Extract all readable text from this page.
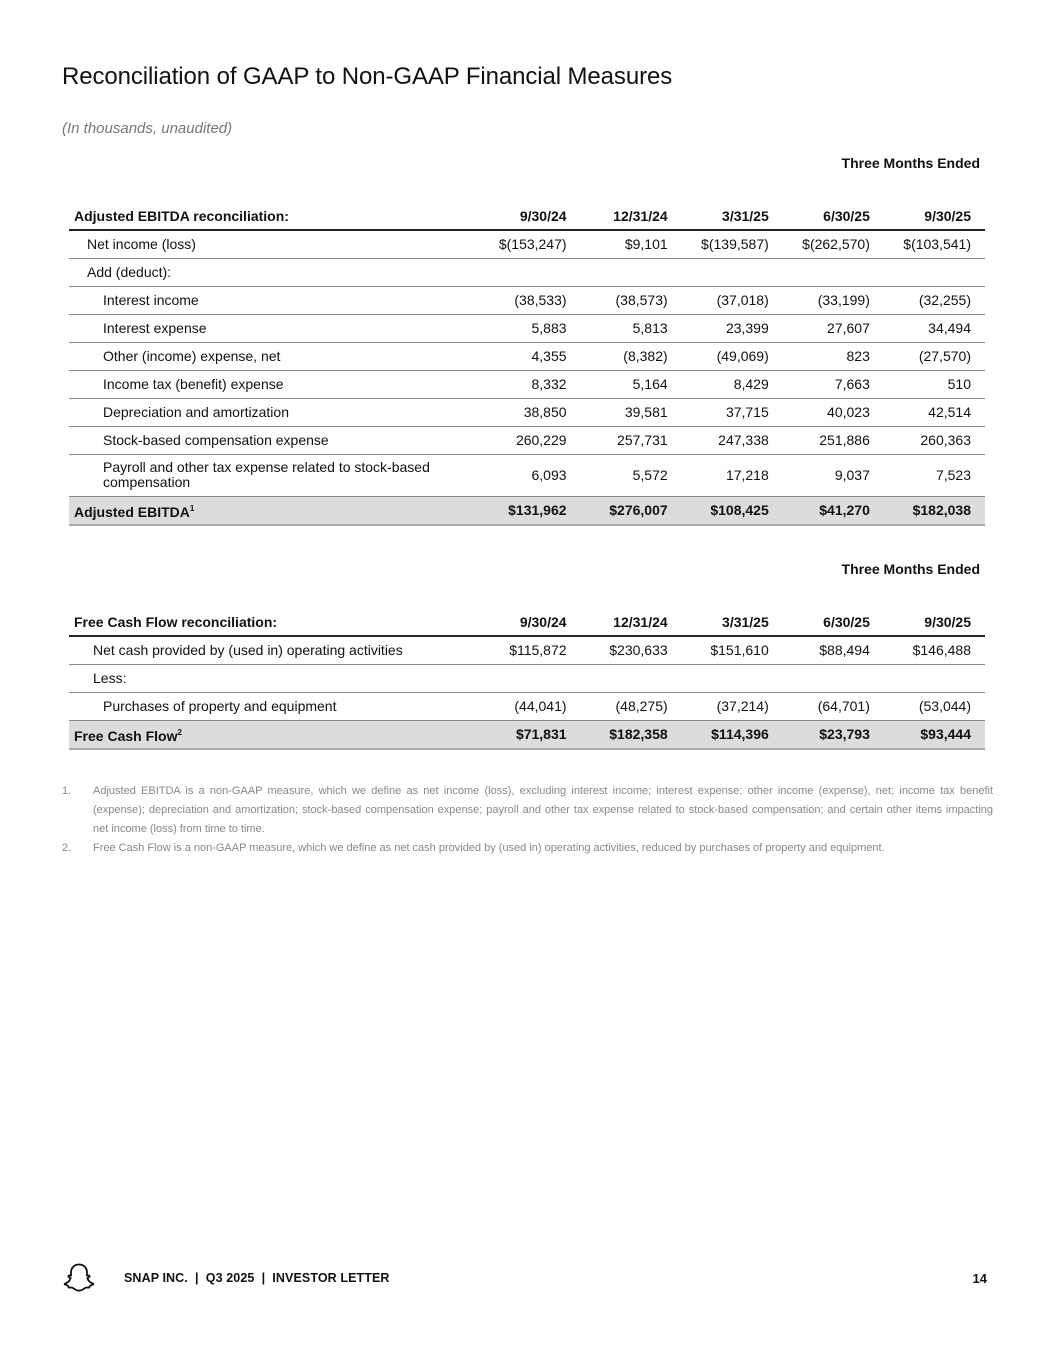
Reconciliation of GAAP to Non-GAAP Financial Measures
(In thousands, unaudited)
Three Months Ended
Adjusted EBITDA reconciliation:	9/30/24	12/31/24	3/31/25	6/30/25	9/30/25
Net income (loss)	$(153,247)	$9,101	$(139,587)	$(262,570)	$(103,541)
Add (deduct):					
Interest income	(38,533)	(38,573)	(37,018)	(33,199)	(32,255)
Interest expense	5,883	5,813	23,399	27,607	34,494
Other (income) expense, net	4,355	(8,382)	(49,069)	823	(27,570)
Income tax (benefit) expense	8,332	5,164	8,429	7,663	510
Depreciation and amortization	38,850	39,581	37,715	40,023	42,514
Stock-based compensation expense	260,229	257,731	247,338	251,886	260,363
Payroll and other tax expense related to stock-based compensation	6,093	5,572	17,218	9,037	7,523
Adjusted EBITDA$^1$	$131,962	$276,007	$108,425	$41,270	$182,038
Three Months Ended
Free Cash Flow reconciliation:	9/30/24	12/31/24	3/31/25	6/30/25	9/30/25
Net cash provided by (used in) operating activities	$115,872	$230,633	$151,610	$88,494	$146,488
Less:					
Purchases of property and equipment	(44,041)	(48,275)	(37,214)	(64,701)	(53,044)
Free Cash Flow$^2$	$71,831	$182,358	$114,396	$23,793	$93,444
1.	Adjusted EBITDA is a non-GAAP measure, which we define as net income (loss), excluding interest income; interest expense; other income (expense), net; income tax benefit (expense); depreciation and amortization; stock-based compensation expense; payroll and other tax expense related to stock-based compensation; and certain other items impacting net income (loss) from time to time.
2.	Free Cash Flow is a non-GAAP measure, which we define as net cash provided by (used in) operating activities, reduced by purchases of property and equipment.
SNAP INC.  |  Q3 2025  |  INVESTOR LETTER	14
